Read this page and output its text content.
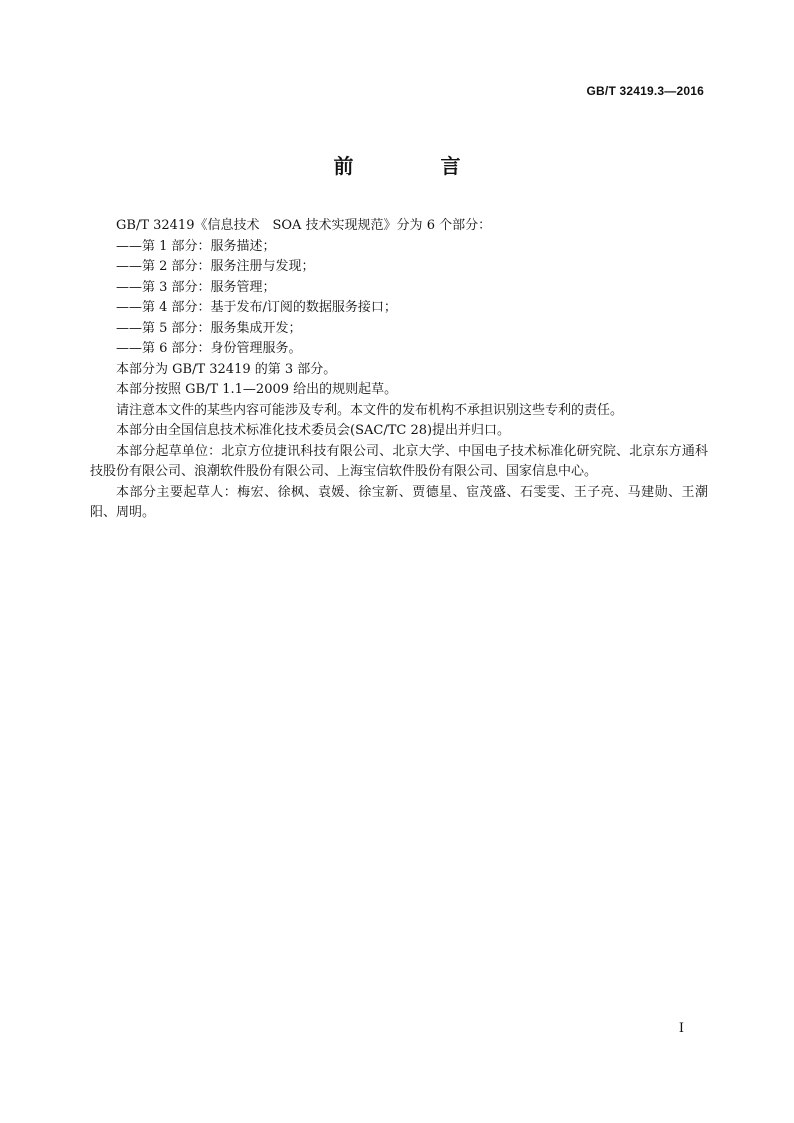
GB/T 32419.3—2016
前 言

GB/T 32419《信息技术　SOA 技术实现规范》分为 6 个部分：

——第 1 部分：服务描述；

——第 2 部分：服务注册与发现；

——第 3 部分：服务管理；

——第 4 部分：基于发布/订阅的数据服务接口；

——第 5 部分：服务集成开发；

——第 6 部分：身份管理服务。

本部分为 GB/T 32419 的第 3 部分。

本部分按照 GB/T 1.1—2009 给出的规则起草。

请注意本文件的某些内容可能涉及专利。本文件的发布机构不承担识别这些专利的责任。

本部分由全国信息技术标准化技术委员会(SAC/TC 28)提出并归口。

本部分起草单位：北京方位捷讯科技有限公司、北京大学、中国电子技术标准化研究院、北京东方通科技股份有限公司、浪潮软件股份有限公司、上海宝信软件股份有限公司、国家信息中心。

本部分主要起草人：梅宏、徐枫、袁媛、徐宝新、贾德星、宦茂盛、石雯雯、王子亮、马建勋、王潮阳、周明。

I
